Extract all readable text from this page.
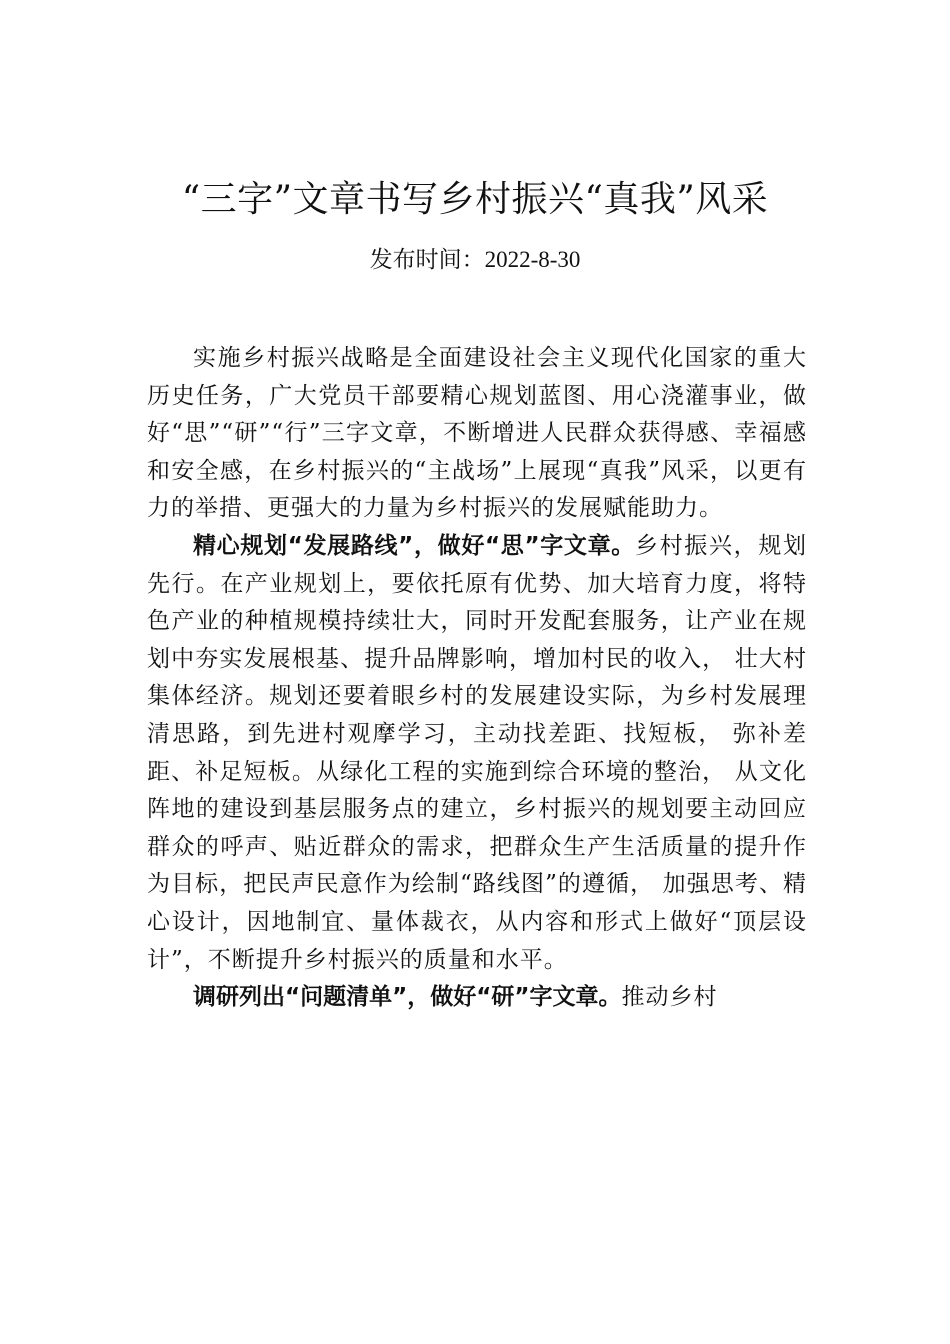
“三字”文章书写乡村振兴“真我”风采
发布时间：2022-8-30

实施乡村振兴战略是全面建设社会主义现代化国家的重大历史任务，广大党员干部要精心规划蓝图、用心浇灌事业，做好“思”“研”“行”三字文章，不断增进人民群众获得感、幸福感和安全感，在乡村振兴的“主战场”上展现“真我”风采，以更有力的举措、更强大的力量为乡村振兴的发展赋能助力。

精心规划“发展路线”，做好“思”字文章。乡村振兴，规划先行。在产业规划上，要依托原有优势、加大培育力度，将特色产业的种植规模持续壮大，同时开发配套服务，让产业在规划中夯实发展根基、提升品牌影响，增加村民的收入， 壮大村集体经济。规划还要着眼乡村的发展建设实际，为乡村发展理清思路，到先进村观摩学习，主动找差距、找短板， 弥补差距、补足短板。从绿化工程的实施到综合环境的整治， 从文化阵地的建设到基层服务点的建立，乡村振兴的规划要主动回应群众的呼声、贴近群众的需求，把群众生产生活质量的提升作为目标，把民声民意作为绘制“路线图”的遵循， 加强思考、精心设计，因地制宜、量体裁衣，从内容和形式上做好“顶层设计”，不断提升乡村振兴的质量和水平。

调研列出“问题清单”，做好“研”字文章。推动乡村
